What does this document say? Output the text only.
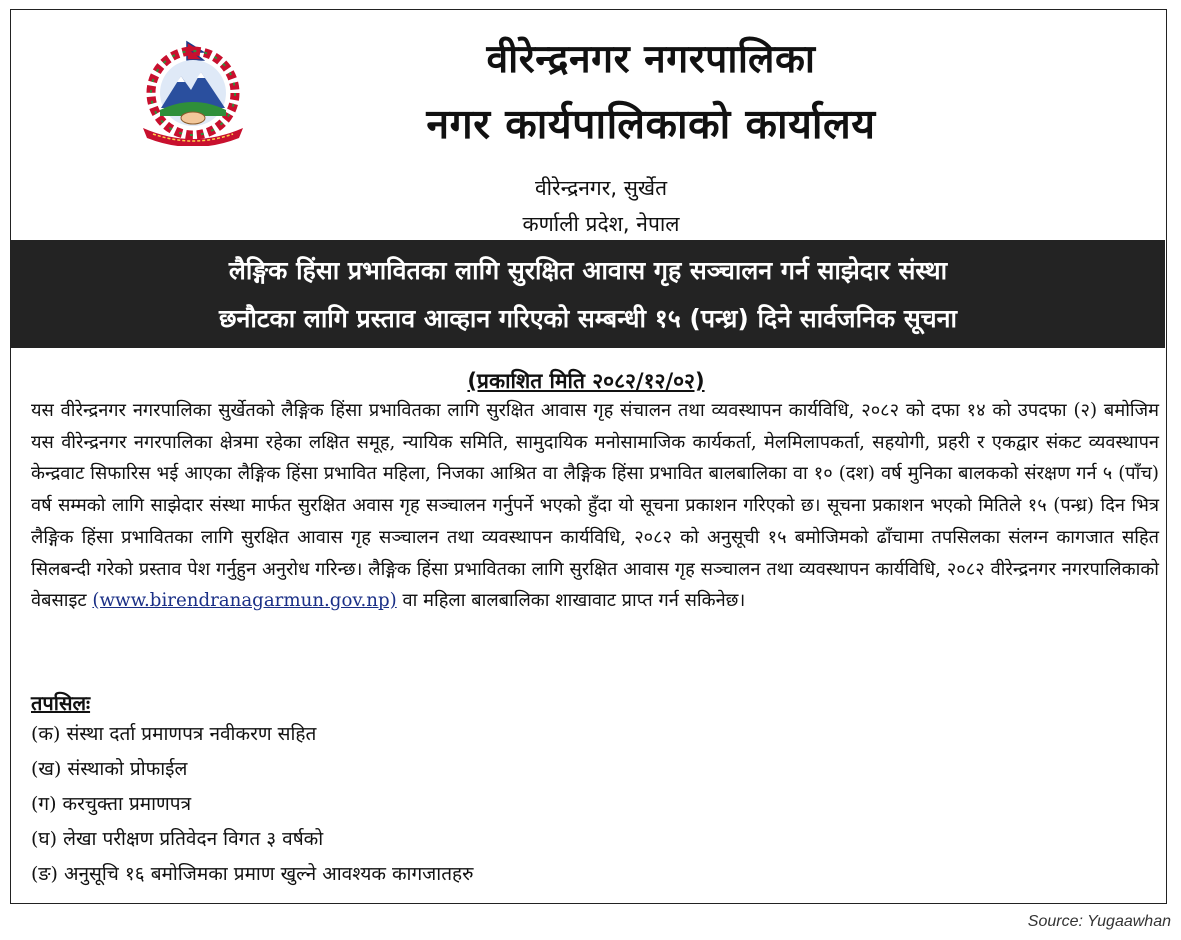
वीरेन्द्रनगर नगरपालिका
नगर कार्यपालिकाको कार्यालय
वीरेन्द्रनगर, सुर्खेत
कर्णाली प्रदेश, नेपाल
लैङ्गिक हिंसा प्रभावितका लागि सुरक्षित आवास गृह सञ्चालन गर्न साझेदार संस्था
छनौटका लागि प्रस्ताव आव्हान गरिएको सम्बन्धी १५ (पन्ध्र) दिने सार्वजनिक सूचना
(प्रकाशित मिति २०८२/१२/०२)
यस वीरेन्द्रनगर नगरपालिका सुर्खेतको लैङ्गिक हिंसा प्रभावितका लागि सुरक्षित आवास गृह संचालन तथा व्यवस्थापन कार्यविधि, २०८२ को दफा १४ को उपदफा (२) बमोजिम यस वीरेन्द्रनगर नगरपालिका क्षेत्रमा रहेका लक्षित समूह, न्यायिक समिति, सामुदायिक मनोसामाजिक कार्यकर्ता, मेलमिलापकर्ता, सहयोगी, प्रहरी र एकद्वार संकट व्यवस्थापन केन्द्रवाट सिफारिस भई आएका लैङ्गिक हिंसा प्रभावित महिला, निजका आश्रित वा लैङ्गिक हिंसा प्रभावित बालबालिका वा १० (दश) वर्ष मुनिका बालकको संरक्षण गर्न ५ (पाँच) वर्ष सम्मको लागि साझेदार संस्था मार्फत सुरक्षित अवास गृह सञ्चालन गर्नुपर्ने भएको हुँदा यो सूचना प्रकाशन गरिएको छ। सूचना प्रकाशन भएको मितिले १५ (पन्ध्र) दिन भित्र लैङ्गिक हिंसा प्रभावितका लागि सुरक्षित आवास गृह सञ्चालन तथा व्यवस्थापन कार्यविधि, २०८२ को अनुसूची १५ बमोजिमको ढाँचामा तपसिलका संलग्न कागजात सहित सिलबन्दी गरेको प्रस्ताव पेश गर्नुहुन अनुरोध गरिन्छ। लैङ्गिक हिंसा प्रभावितका लागि सुरक्षित आवास गृह सञ्चालन तथा व्यवस्थापन कार्यविधि, २०८२ वीरेन्द्रनगर नगरपालिकाको वेबसाइट (www.birendranagarmun.gov.np) वा महिला बालबालिका शाखावाट प्राप्त गर्न सकिनेछ।
तपसिलः
(क) संस्था दर्ता प्रमाणपत्र नवीकरण सहित
(ख) संस्थाको प्रोफाईल
(ग) करचुक्ता प्रमाणपत्र
(घ) लेखा परीक्षण प्रतिवेदन विगत ३ वर्षको
(ङ) अनुसूचि १६ बमोजिमका प्रमाण खुल्ने आवश्यक कागजातहरु
Source: Yugaawhan
